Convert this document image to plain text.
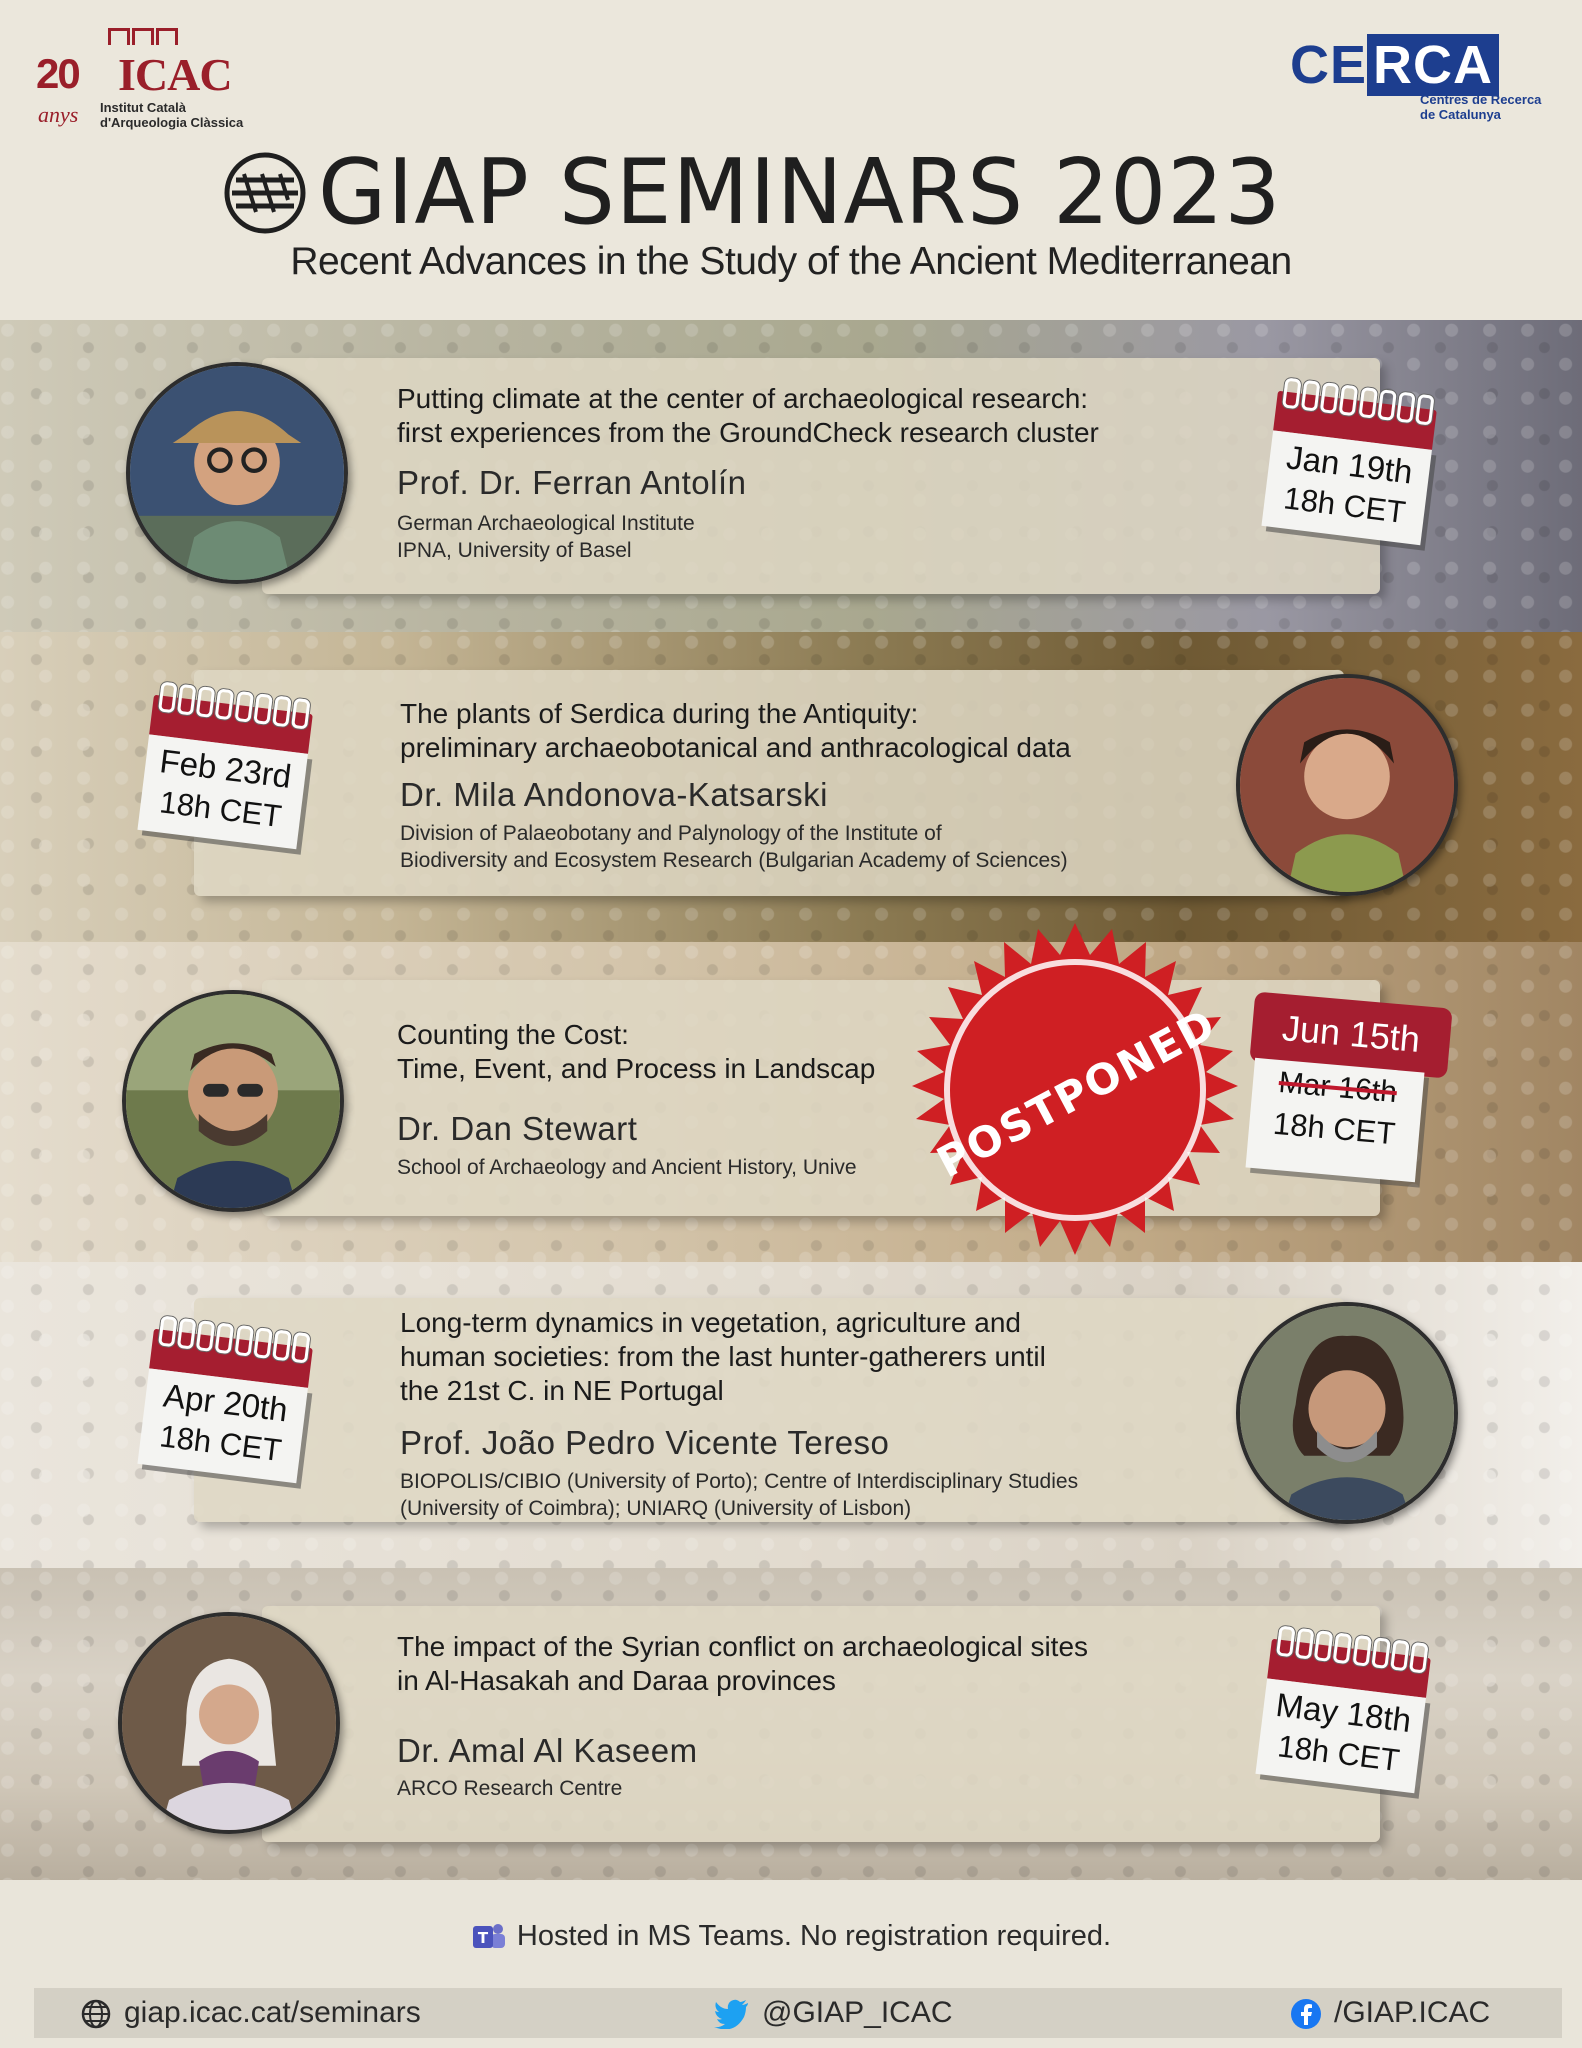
20 ICAC
anys Institut Català
d'Arqueologia Clàssica
CE RCA
Centres de Recerca
de Catalunya
GIAP SEMINARS 2023
Recent Advances in the Study of the Ancient Mediterranean
Putting climate at the center of archaeological research:
first experiences from the GroundCheck research cluster
Prof. Dr. Ferran Antolín
German Archaeological Institute
IPNA, University of Basel
Jan 19th
18h CET
The plants of Serdica during the Antiquity:
preliminary archaeobotanical and anthracological data
Dr. Mila Andonova-Katsarski
Division of Palaeobotany and Palynology of the Institute of
Biodiversity and Ecosystem Research (Bulgarian Academy of Sciences)
Feb 23rd
18h CET
Counting the Cost:
Time, Event, and Process in Landscap
Dr. Dan Stewart
School of Archaeology and Ancient History, Unive POSTPONED	Jun 15th
Mar 16th
18h CET
Long-term dynamics in vegetation, agriculture and
human societies: from the last hunter-gatherers until
the 21st C. in NE Portugal
Prof. João Pedro Vicente Tereso
BIOPOLIS/CIBIO (University of Porto); Centre of Interdisciplinary Studies
(University of Coimbra); UNIARQ (University of Lisbon)
Apr 20th
18h CET
The impact of the Syrian conflict on archaeological sites
in Al-Hasakah and Daraa provinces
Dr. Amal Al Kaseem
ARCO Research Centre
May 18th
18h CET
T Hosted in MS Teams. No registration required.
giap.icac.cat/seminars	@GIAP_ICAC	/GIAP.ICAC
